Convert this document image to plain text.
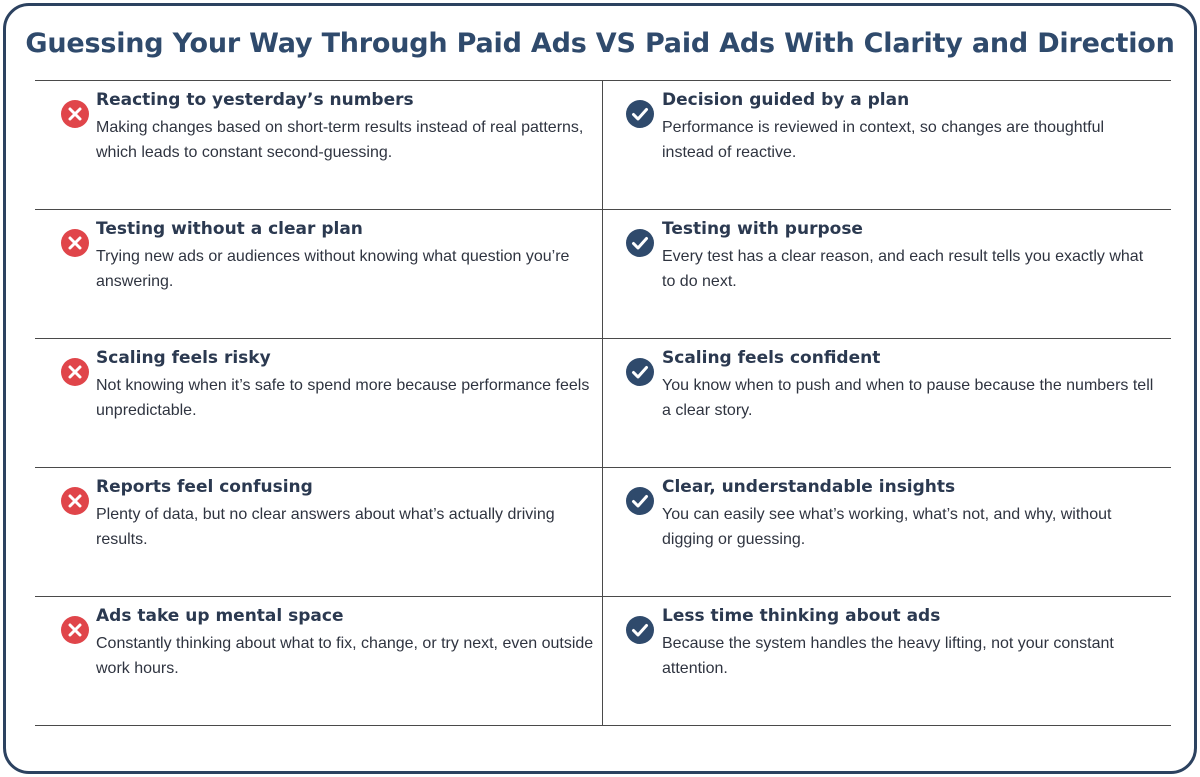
Guessing Your Way Through Paid Ads VS Paid Ads With Clarity and Direction
Reacting to yesterday’s numbers
Making changes based on short-term results instead of real patterns, which leads to constant second-guessing.
Decision guided by a plan
Performance is reviewed in context, so changes are thoughtful instead of reactive.
Testing without a clear plan
Trying new ads or audiences without knowing what question you’re answering.
Testing with purpose
Every test has a clear reason, and each result tells you exactly what to do next.
Scaling feels risky
Not knowing when it’s safe to spend more because performance feels unpredictable.
Scaling feels confident
You know when to push and when to pause because the numbers tell a clear story.
Reports feel confusing
Plenty of data, but no clear answers about what’s actually driving results.
Clear, understandable insights
You can easily see what’s working, what’s not, and why, without digging or guessing.
Ads take up mental space
Constantly thinking about what to fix, change, or try next, even outside work hours.
Less time thinking about ads
Because the system handles the heavy lifting, not your constant attention.
